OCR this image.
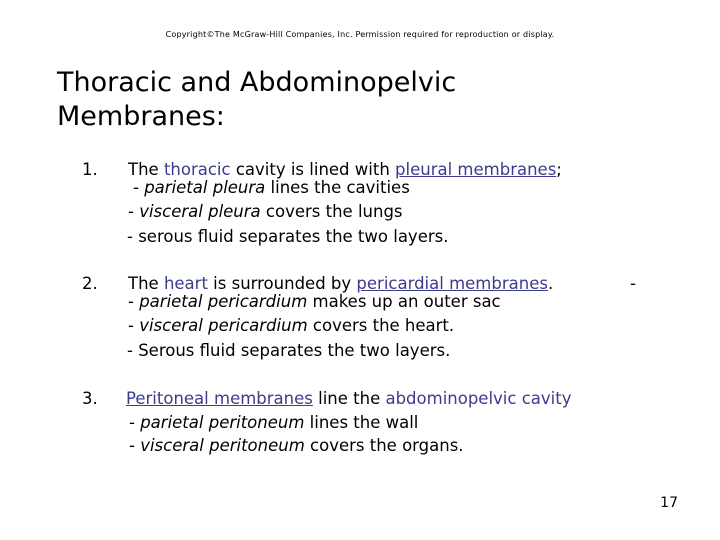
Copyright©The McGraw-Hill Companies, Inc. Permission required for reproduction or display.
Thoracic and Abdominopelvic
Membranes:
1. The thoracic cavity is lined with pleural membranes;
- parietal pleura lines the cavities
- visceral pleura covers the lungs
- serous fluid separates the two layers.
2. The heart is surrounded by pericardial membranes.	-
- parietal pericardium makes up an outer sac
- visceral pericardium covers the heart.
- Serous fluid separates the two layers.
3. Peritoneal membranes line the abdominopelvic cavity
- parietal peritoneum lines the wall
- visceral peritoneum covers the organs.
17
